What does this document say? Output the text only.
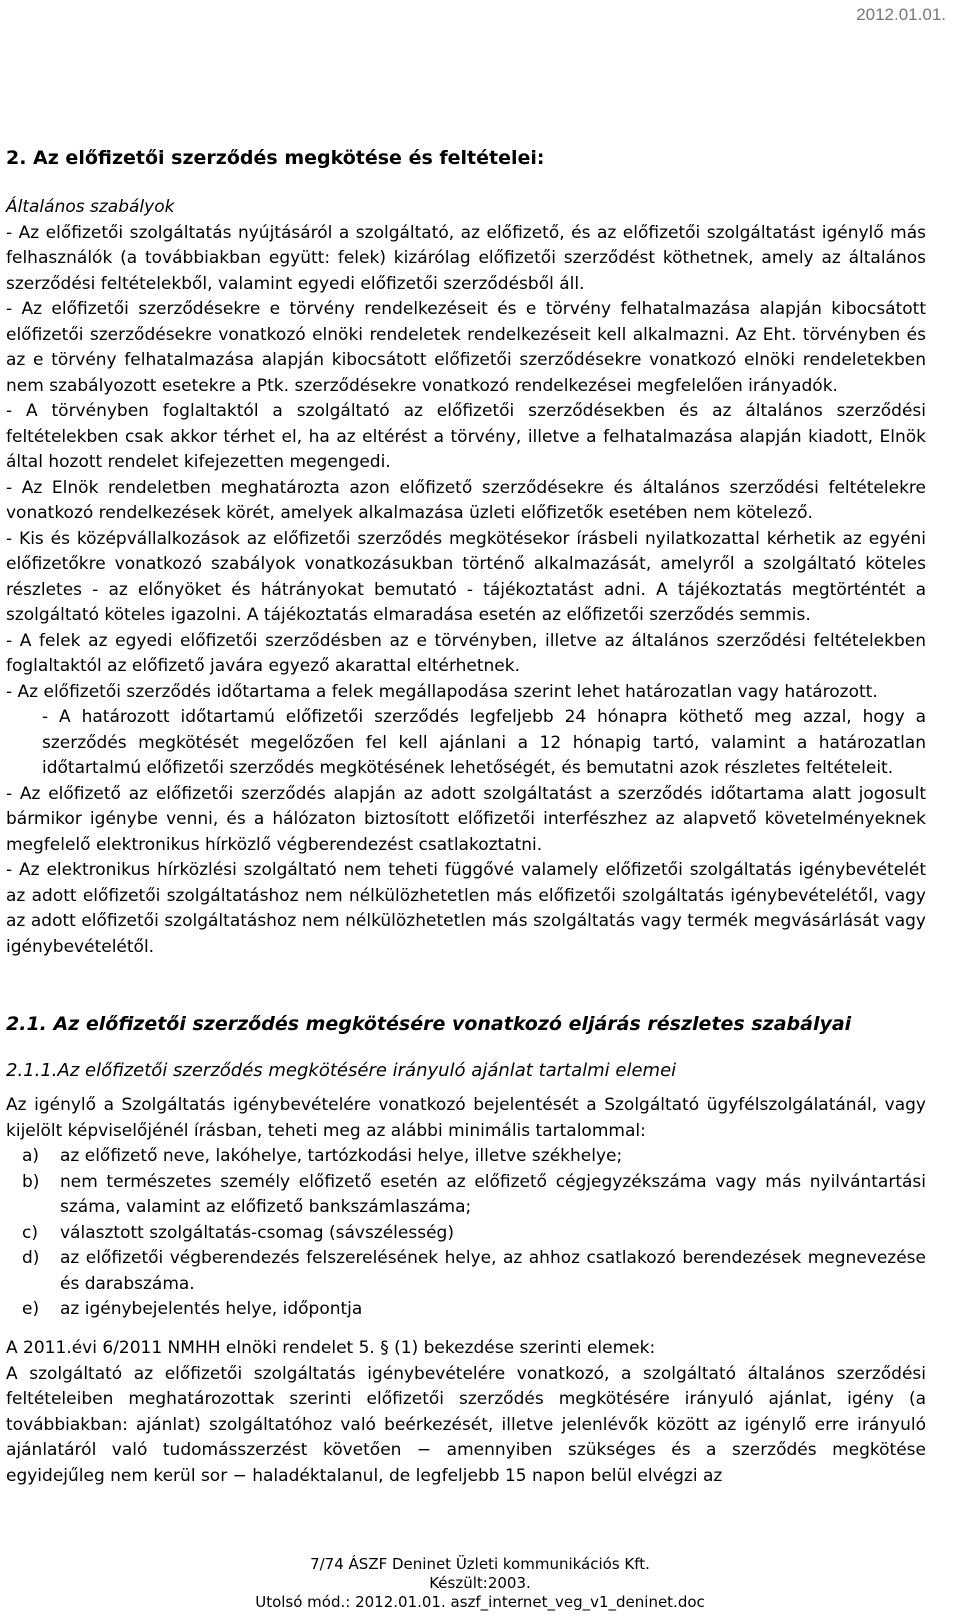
2012.01.01.
2. Az előfizetői szerződés megkötése és feltételei:

Általános szabályok

- Az előfizetői szolgáltatás nyújtásáról a szolgáltató, az előfizető, és az előfizetői szolgáltatást igénylő más felhasználók (a továbbiakban együtt: felek) kizárólag előfizetői szerződést köthetnek, amely az általános szerződési feltételekből, valamint egyedi előfizetői szerződésből áll.

- Az előfizetői szerződésekre e törvény rendelkezéseit és e törvény felhatalmazása alapján kibocsátott előfizetői szerződésekre vonatkozó elnöki rendeletek rendelkezéseit kell alkalmazni. Az Eht. törvényben és az e törvény felhatalmazása alapján kibocsátott előfizetői szerződésekre vonatkozó elnöki rendeletekben nem szabályozott esetekre a Ptk. szerződésekre vonatkozó rendelkezései megfelelően irányadók.

- A törvényben foglaltaktól a szolgáltató az előfizetői szerződésekben és az általános szerződési feltételekben csak akkor térhet el, ha az eltérést a törvény, illetve a felhatalmazása alapján kiadott, Elnök által hozott rendelet kifejezetten megengedi.

- Az Elnök rendeletben meghatározta azon előfizető szerződésekre és általános szerződési feltételekre vonatkozó rendelkezések körét, amelyek alkalmazása üzleti előfizetők esetében nem kötelező.

- Kis és középvállalkozások az előfizetői szerződés megkötésekor írásbeli nyilatkozattal kérhetik az egyéni előfizetőkre vonatkozó szabályok vonatkozásukban történő alkalmazását, amelyről a szolgáltató köteles részletes - az előnyöket és hátrányokat bemutató - tájékoztatást adni. A tájékoztatás megtörténtét a szolgáltató köteles igazolni. A tájékoztatás elmaradása esetén az előfizetői szerződés semmis.

- A felek az egyedi előfizetői szerződésben az e törvényben, illetve az általános szerződési feltételekben foglaltaktól az előfizető javára egyező akarattal eltérhetnek.

- Az előfizetői szerződés időtartama a felek megállapodása szerint lehet határozatlan vagy határozott.

- A határozott időtartamú előfizetői szerződés legfeljebb 24 hónapra köthető meg azzal, hogy a szerződés megkötését megelőzően fel kell ajánlani a 12 hónapig tartó, valamint a határozatlan időtartalmú előfizetői szerződés megkötésének lehetőségét, és bemutatni azok részletes feltételeit.

- Az előfizető az előfizetői szerződés alapján az adott szolgáltatást a szerződés időtartama alatt jogosult bármikor igénybe venni, és a hálózaton biztosított előfizetői interfészhez az alapvető követelményeknek megfelelő elektronikus hírközlő végberendezést csatlakoztatni.

- Az elektronikus hírközlési szolgáltató nem teheti függővé valamely előfizetői szolgáltatás igénybevételét az adott előfizetői szolgáltatáshoz nem nélkülözhetetlen más előfizetői szolgáltatás igénybevételétől, vagy az adott előfizetői szolgáltatáshoz nem nélkülözhetetlen más szolgáltatás vagy termék megvásárlását vagy igénybevételétől.

2.1. Az előfizetői szerződés megkötésére vonatkozó eljárás részletes szabályai
2.1.1.Az előfizetői szerződés megkötésére irányuló ajánlat tartalmi elemei

Az igénylő a Szolgáltatás igénybevételére vonatkozó bejelentését a Szolgáltató ügyfélszolgálatánál, vagy kijelölt képviselőjénél írásban, teheti meg az alábbi minimális tartalommal:

a) az előfizető neve, lakóhelye, tartózkodási helye, illetve székhelye;
b) nem természetes személy előfizető esetén az előfizető cégjegyzékszáma vagy más nyilvántartási száma, valamint az előfizető bankszámlaszáma;
c) választott szolgáltatás-csomag (sávszélesség)
d) az előfizetői végberendezés felszerelésének helye, az ahhoz csatlakozó berendezések megnevezése és darabszáma.
e) az igénybejelentés helye, időpontja

A 2011.évi 6/2011 NMHH elnöki rendelet 5. § (1) bekezdése szerinti elemek:

A szolgáltató az előfizetői szolgáltatás igénybevételére vonatkozó, a szolgáltató általános szerződési feltételeiben meghatározottak szerinti előfizetői szerződés megkötésére irányuló ajánlat, igény (a továbbiakban: ajánlat) szolgáltatóhoz való beérkezését, illetve jelenlévők között az igénylő erre irányuló ajánlatáról való tudomásszerzést követően − amennyiben szükséges és a szerződés megkötése egyidejűleg nem kerül sor − haladéktalanul, de legfeljebb 15 napon belül elvégzi az

7/74 ÁSZF Deninet Üzleti kommunikációs Kft.
Készült:2003.
Utolsó mód.: 2012.01.01. aszf_internet_veg_v1_deninet.doc
